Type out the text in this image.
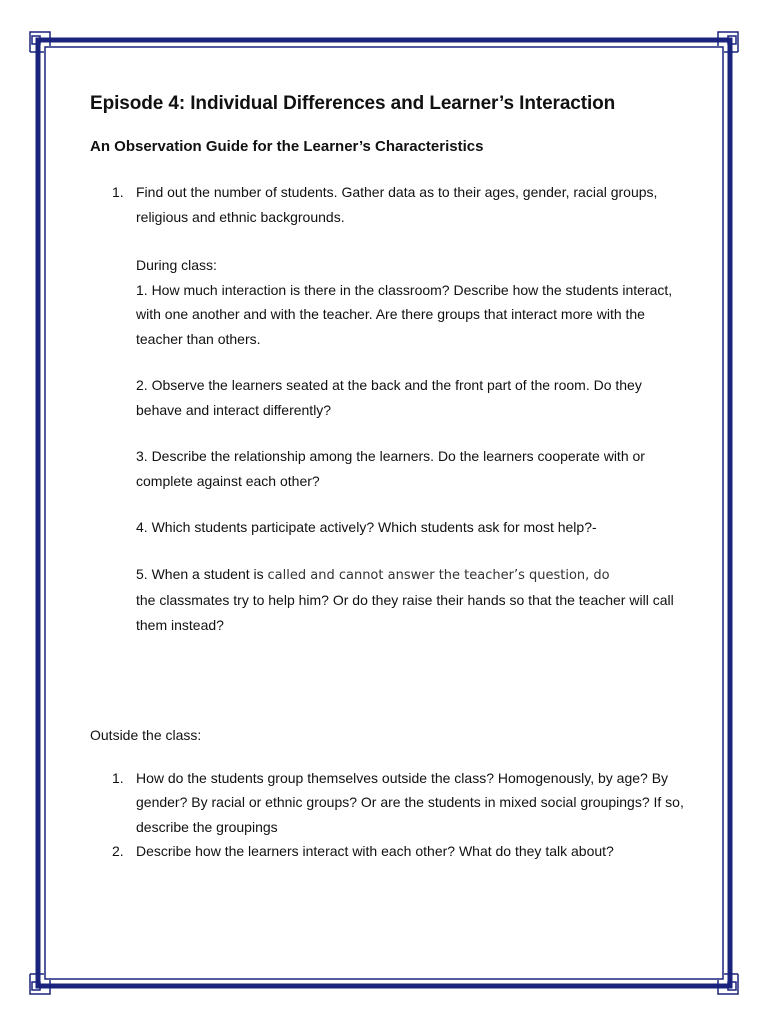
Episode 4: Individual Differences and Learner’s Interaction
An Observation Guide for the Learner’s Characteristics
1. Find out the number of students. Gather data as to their ages, gender, racial groups, religious and ethnic backgrounds.

During class:

1. How much interaction is there in the classroom? Describe how the students interact, with one another and with the teacher. Are there groups that interact more with the teacher than others.

2. Observe the learners seated at the back and the front part of the room. Do they behave and interact differently?

3. Describe the relationship among the learners. Do the learners cooperate with or complete against each other?

4. Which students participate actively? Which students ask for most help?-

5. When a student is called and cannot answer the teacher’s question, do

the classmates try to help him? Or do they raise their hands so that the teacher will call them instead?

Outside the class:

1. How do the students group themselves outside the class? Homogenously, by age? By gender? By racial or ethnic groups? Or are the students in mixed social groupings? If so, describe the groupings

2. Describe how the learners interact with each other? What do they talk about?
